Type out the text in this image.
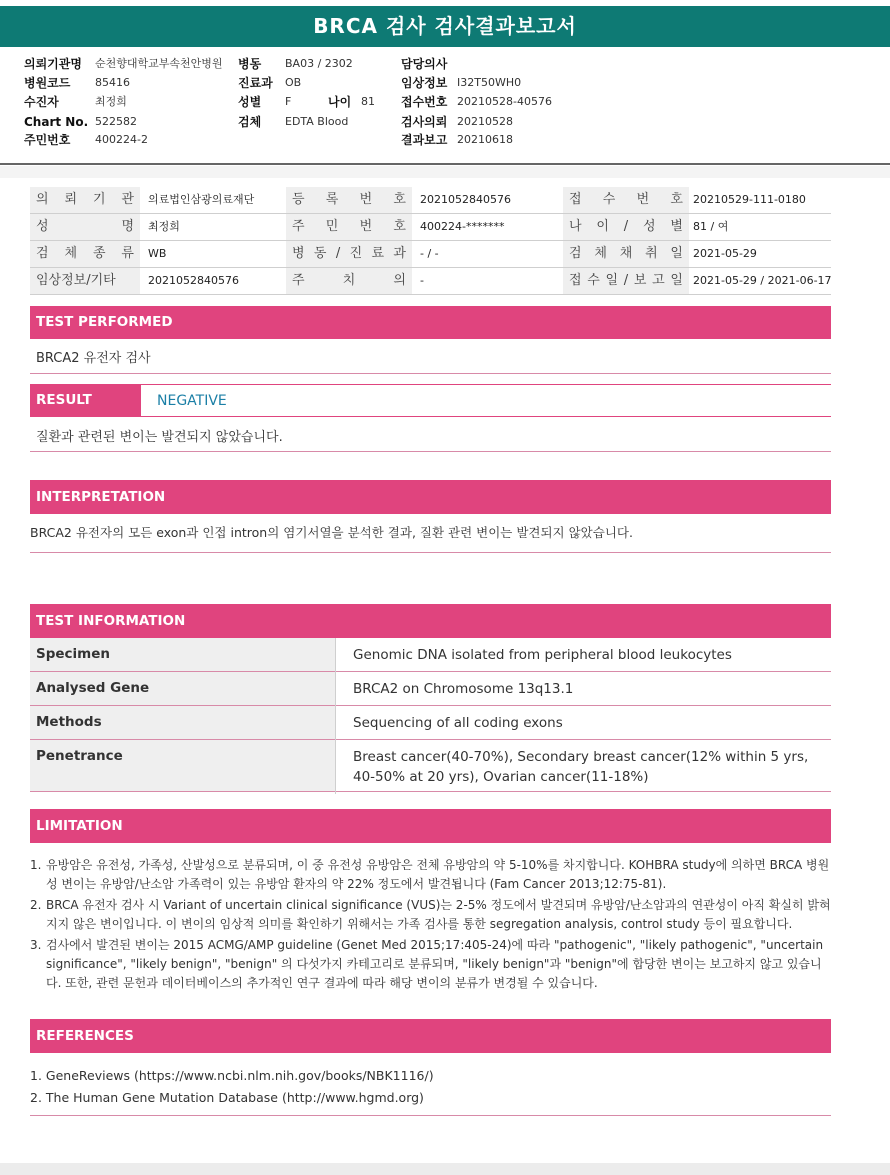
BRCA 검사 검사결과보고서
의뢰기관명 순천향대학교부속천안병원 병동 BA03 / 2302	담당의사
병원코드 85416	진료과 OB	임상정보 I32T50WH0
수진자	최정희	성별 F	나이 81 접수번호 20210528-40576
Chart No. 522582	검체 EDTA Blood	검사의뢰 20210528
주민번호 400224-2	결과보고 20210618
의 뢰 기 관	의료법인삼광의료재단	등 록 번 호	2021052840576	접 수 번 호 20210529-111-0180
성 명	최정희	주 민 번 호	400224-*******	나 이 / 성 별 81 / 여
검 체 종 류	WB	병 동 / 진 료 과	- / -	검 체 채 취 일 2021-05-29
임상정보/기타	2021052840576	주 치 의	-	접 수 일 / 보 고 일 2021-05-29 / 2021-06-17
TEST PERFORMED
BRCA2 유전자 검사
RESULT	NEGATIVE
질환과 관련된 변이는 발견되지 않았습니다.
INTERPRETATION
BRCA2 유전자의 모든 exon과 인접 intron의 염기서열을 분석한 결과, 질환 관련 변이는 발견되지 않았습니다.
TEST INFORMATION
Specimen	Genomic DNA isolated from peripheral blood leukocytes
Analysed Gene	BRCA2 on Chromosome 13q13.1
Methods	Sequencing of all coding exons
Penetrance	Breast cancer(40-70%), Secondary breast cancer(12% within 5 yrs, 40-50% at 20 yrs), Ovarian cancer(11-18%)
LIMITATION
1. 유방암은 유전성, 가족성, 산발성으로 분류되며, 이 중 유전성 유방암은 전체 유방암의 약 5-10%를 차지합니다. KOHBRA study에 의하면 BRCA 병원성 변이는 유방암/난소암 가족력이 있는 유방암 환자의 약 22% 정도에서 발견됩니다 (Fam Cancer 2013;12:75-81).
2. BRCA 유전자 검사 시 Variant of uncertain clinical significance (VUS)는 2-5% 정도에서 발견되며 유방암/난소암과의 연관성이 아직 확실히 밝혀지지 않은 변이입니다. 이 변이의 임상적 의미를 확인하기 위해서는 가족 검사를 통한 segregation analysis, control study 등이 필요합니다.
3. 검사에서 발견된 변이는 2015 ACMG/AMP guideline (Genet Med 2015;17:405-24)에 따라 "pathogenic", "likely pathogenic", "uncertain significance", "likely benign", "benign" 의 다섯가지 카테고리로 분류되며, "likely benign"과 "benign"에 합당한 변이는 보고하지 않고 있습니다. 또한, 관련 문헌과 데이터베이스의 추가적인 연구 결과에 따라 해당 변이의 분류가 변경될 수 있습니다.
REFERENCES
1. GeneReviews (https://www.ncbi.nlm.nih.gov/books/NBK1116/)
2. The Human Gene Mutation Database (http://www.hgmd.org)
